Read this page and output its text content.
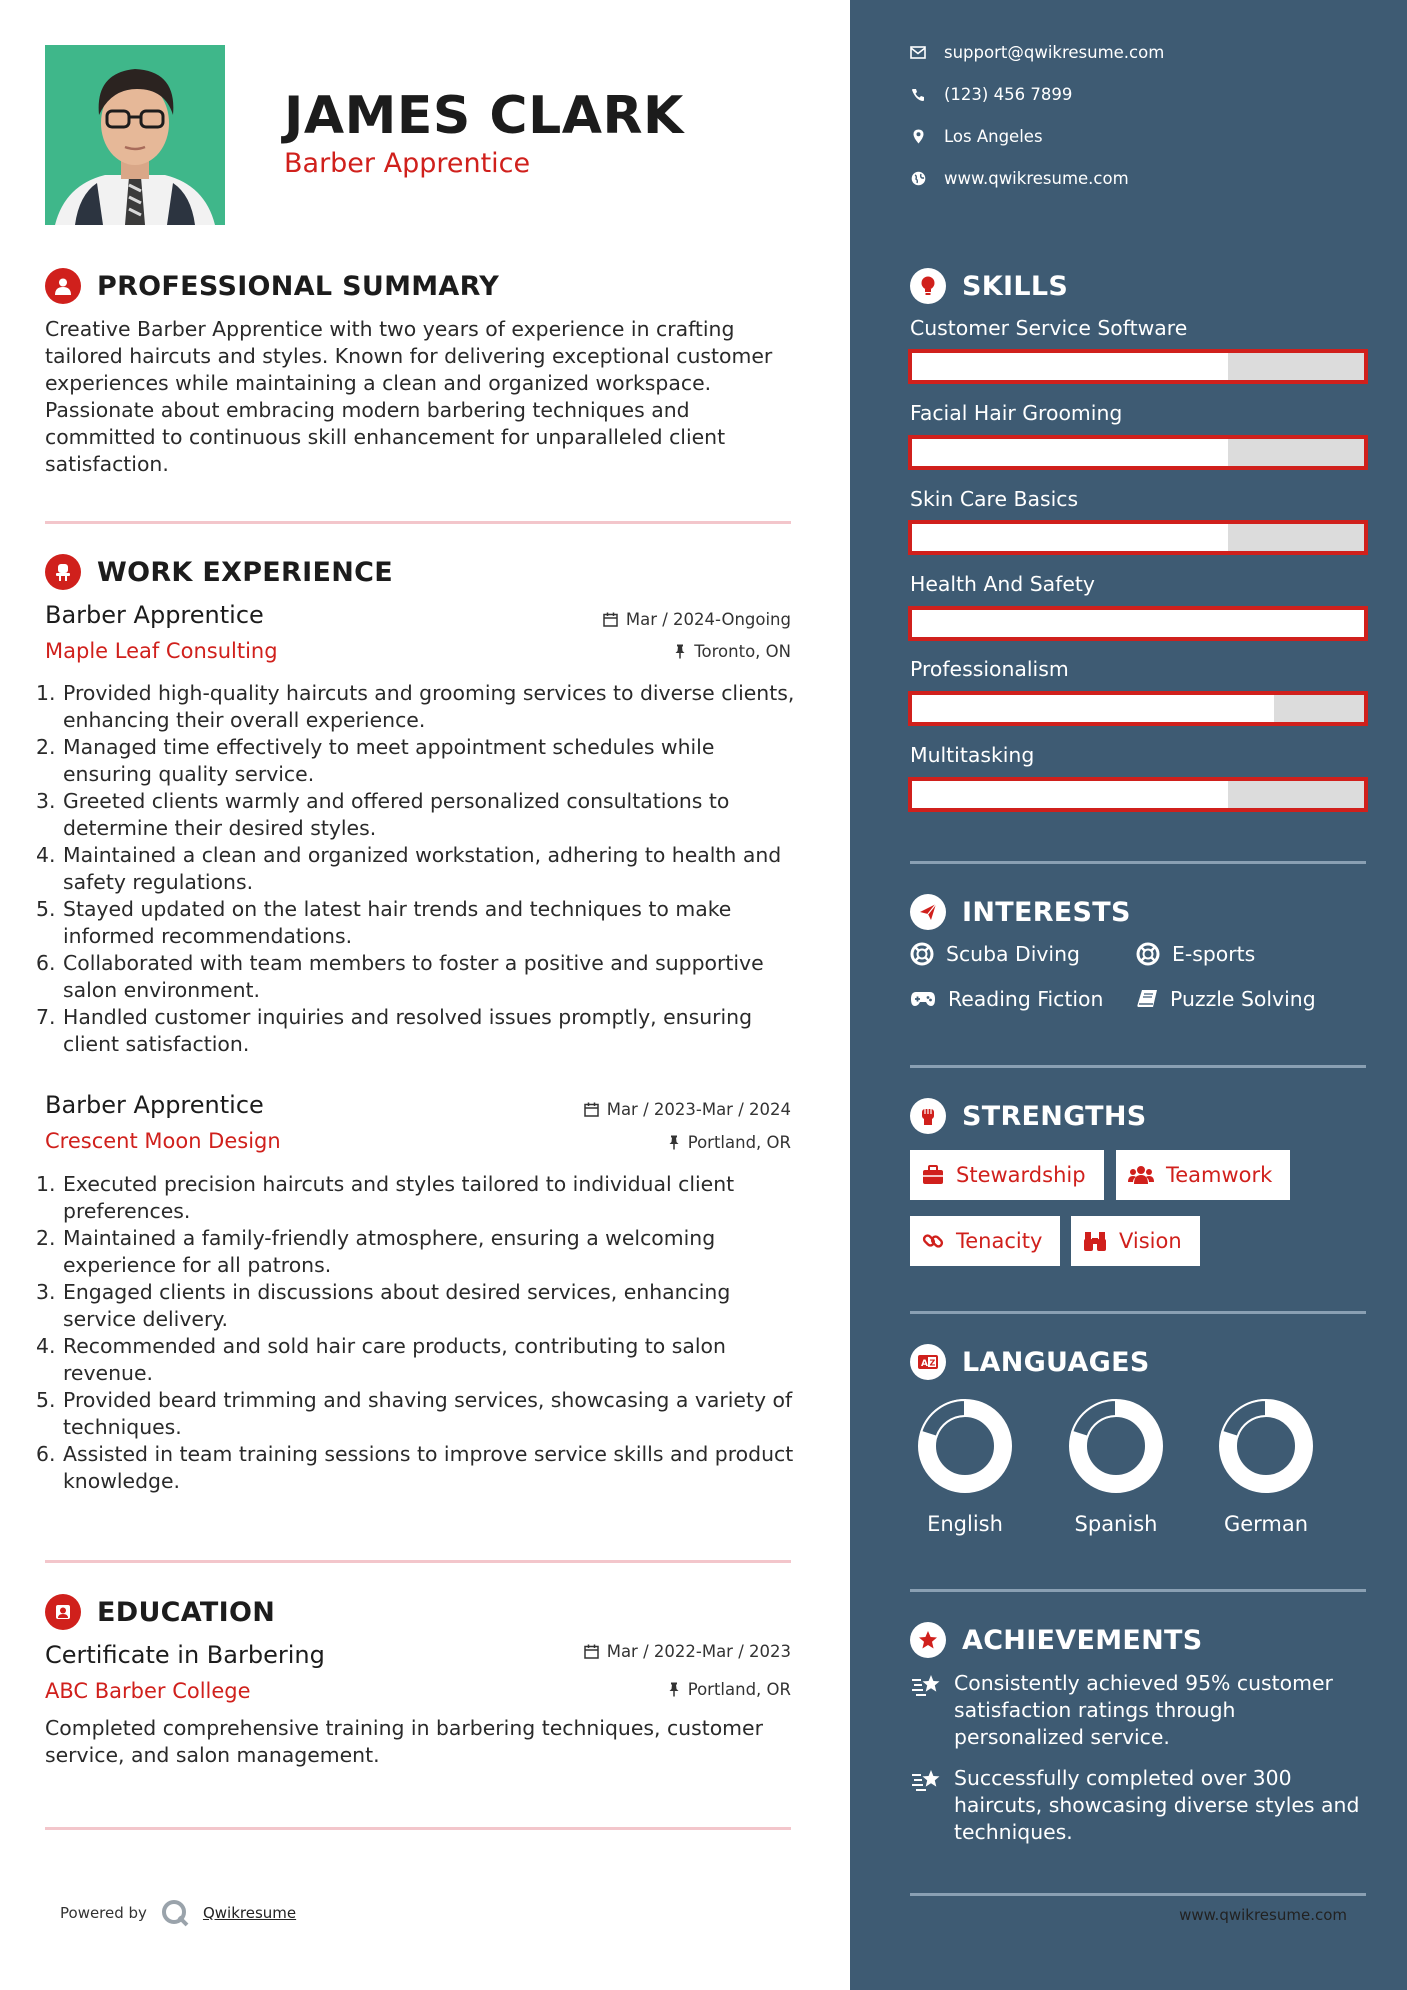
JAMES CLARK
Barber Apprentice
PROFESSIONAL SUMMARY
Creative Barber Apprentice with two years of experience in crafting tailored haircuts and styles. Known for delivering exceptional customer experiences while maintaining a clean and organized workspace. Passionate about embracing modern barbering techniques and committed to continuous skill enhancement for unparalleled client satisfaction.
WORK EXPERIENCE
Barber Apprentice
Maple Leaf Consulting
Mar / 2024-Ongoing
Toronto, ON
1. Provided high-quality haircuts and grooming services to diverse clients, enhancing their overall experience.
2. Managed time effectively to meet appointment schedules while ensuring quality service.
3. Greeted clients warmly and offered personalized consultations to determine their desired styles.
4. Maintained a clean and organized workstation, adhering to health and safety regulations.
5. Stayed updated on the latest hair trends and techniques to make informed recommendations.
6. Collaborated with team members to foster a positive and supportive salon environment.
7. Handled customer inquiries and resolved issues promptly, ensuring client satisfaction.
Barber Apprentice
Crescent Moon Design
Mar / 2023-Mar / 2024
Portland, OR
1. Executed precision haircuts and styles tailored to individual client preferences.
2. Maintained a family-friendly atmosphere, ensuring a welcoming experience for all patrons.
3. Engaged clients in discussions about desired services, enhancing service delivery.
4. Recommended and sold hair care products, contributing to salon revenue.
5. Provided beard trimming and shaving services, showcasing a variety of techniques.
6. Assisted in team training sessions to improve service skills and product knowledge.
EDUCATION
Certificate in Barbering
ABC Barber College
Mar / 2022-Mar / 2023
Portland, OR
Completed comprehensive training in barbering techniques, customer service, and salon management.
Powered by	Qwikresume
support@qwikresume.com
(123) 456 7899
Los Angeles
www.qwikresume.com
SKILLS
Customer Service Software
Facial Hair Grooming
Skin Care Basics
Health And Safety
Professionalism
Multitasking
INTERESTS
Scuba Diving	E-sports
Reading Fiction	Puzzle Solving
STRENGTHS
Stewardship	Teamwork
Tenacity	Vision
A Z LANGUAGES
English	Spanish	German
ACHIEVEMENTS
Consistently achieved 95% customer satisfaction ratings through personalized service.
Successfully completed over 300 haircuts, showcasing diverse styles and techniques.
www.qwikresume.com
